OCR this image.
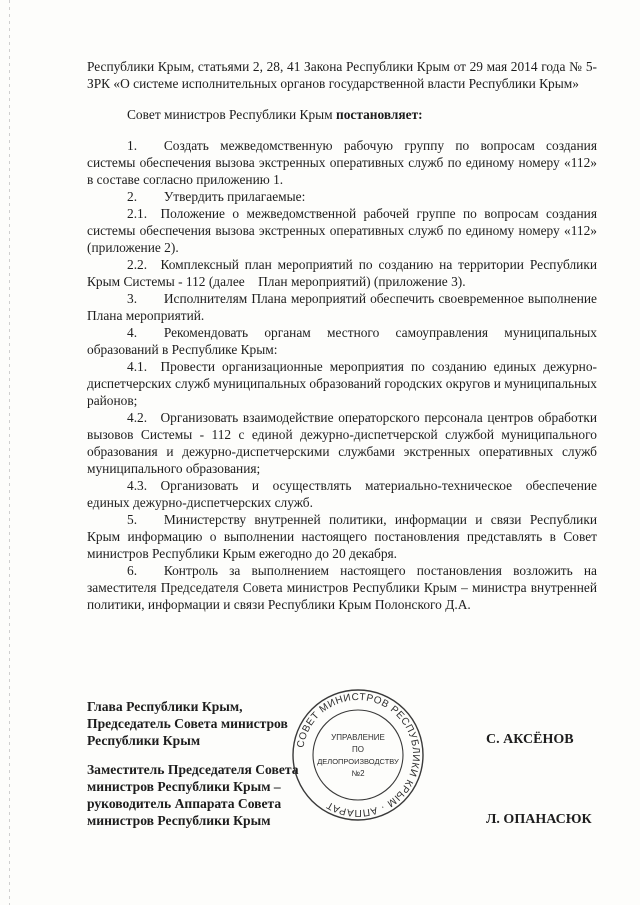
Республики Крым, статьями 2, 28, 41 Закона Республики Крым от 29 мая 2014 года № 5-ЗРК «О системе исполнительных органов государственной власти Республики Крым»

Совет министров Республики Крым постановляет:

1.  Создать межведомственную рабочую группу по вопросам создания системы обеспечения вызова экстренных оперативных служб по единому номеру «112» в составе согласно приложению 1.

2.  Утвердить прилагаемые:

2.1. Положение о межведомственной рабочей группе по вопросам создания системы обеспечения вызова экстренных оперативных служб по единому номеру «112» (приложение 2).

2.2. Комплексный план мероприятий по созданию на территории Республики Крым Системы - 112 (далее План мероприятий) (приложение 3).

3.  Исполнителям Плана мероприятий обеспечить своевременное выполнение Плана мероприятий.

4.  Рекомендовать органам местного самоуправления муниципальных образований в Республике Крым:

4.1. Провести организационные мероприятия по созданию единых дежурно-диспетчерских служб муниципальных образований городских округов и муниципальных районов;

4.2. Организовать взаимодействие операторского персонала центров обработки вызовов Системы - 112 с единой дежурно-диспетчерской службой муниципального образования и дежурно-диспетчерскими службами экстренных оперативных служб муниципального образования;

4.3. Организовать и осуществлять материально-техническое обеспечение единых дежурно-диспетчерских служб.

5.  Министерству внутренней политики, информации и связи Республики Крым информацию о выполнении настоящего постановления представлять в Совет министров Республики Крым ежегодно до 20 декабря.

6.  Контроль за выполнением настоящего постановления возложить на заместителя Председателя Совета министров Республики Крым – министра внутренней политики, информации и связи Республики Крым Полонского Д.А.

Глава Республики Крым,
Председатель Совета министров
Республики Крым	С. АКСЁНОВ
Заместитель Председателя Совета
министров Республики Крым –
руководитель Аппарата Совета
министров Республики Крым	Л. ОПАНАСЮК
СОВЕТ МИНИСТРОВ РЕСПУБЛИКИ КРЫМ · АППАРАТ
УПРАВЛЕНИЕ
ПО
ДЕЛОПРОИЗВОДСТВУ
№2
